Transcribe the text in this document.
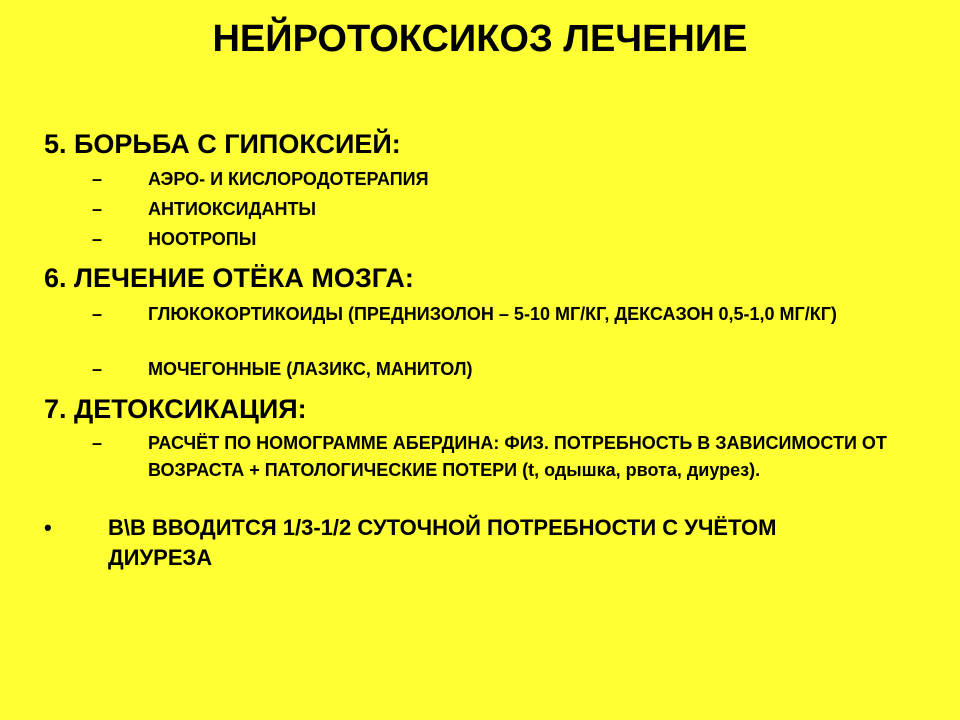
НЕЙРОТОКСИКОЗ ЛЕЧЕНИЕ
5. БОРЬБА С ГИПОКСИЕЙ:
–	АЭРО- И КИСЛОРОДОТЕРАПИЯ
–	АНТИОКСИДАНТЫ
–	НООТРОПЫ
6. ЛЕЧЕНИЕ ОТЁКА МОЗГА:
–	ГЛЮКОКОРТИКОИДЫ (ПРЕДНИЗОЛОН – 5-10 МГ/КГ, ДЕКСАЗОН 0,5-1,0 МГ/КГ)
–	МОЧЕГОННЫЕ (ЛАЗИКС, МАНИТОЛ)
7. ДЕТОКСИКАЦИЯ:
–	РАСЧЁТ ПО НОМОГРАММЕ АБЕРДИНА: ФИЗ. ПОТРЕБНОСТЬ В ЗАВИСИМОСТИ ОТ ВОЗРАСТА + ПАТОЛОГИЧЕСКИЕ ПОТЕРИ (t, одышка, рвота, диурез).
•	В\В ВВОДИТСЯ 1/3-1/2 СУТОЧНОЙ ПОТРЕБНОСТИ С УЧЁТОМ ДИУРЕЗА
